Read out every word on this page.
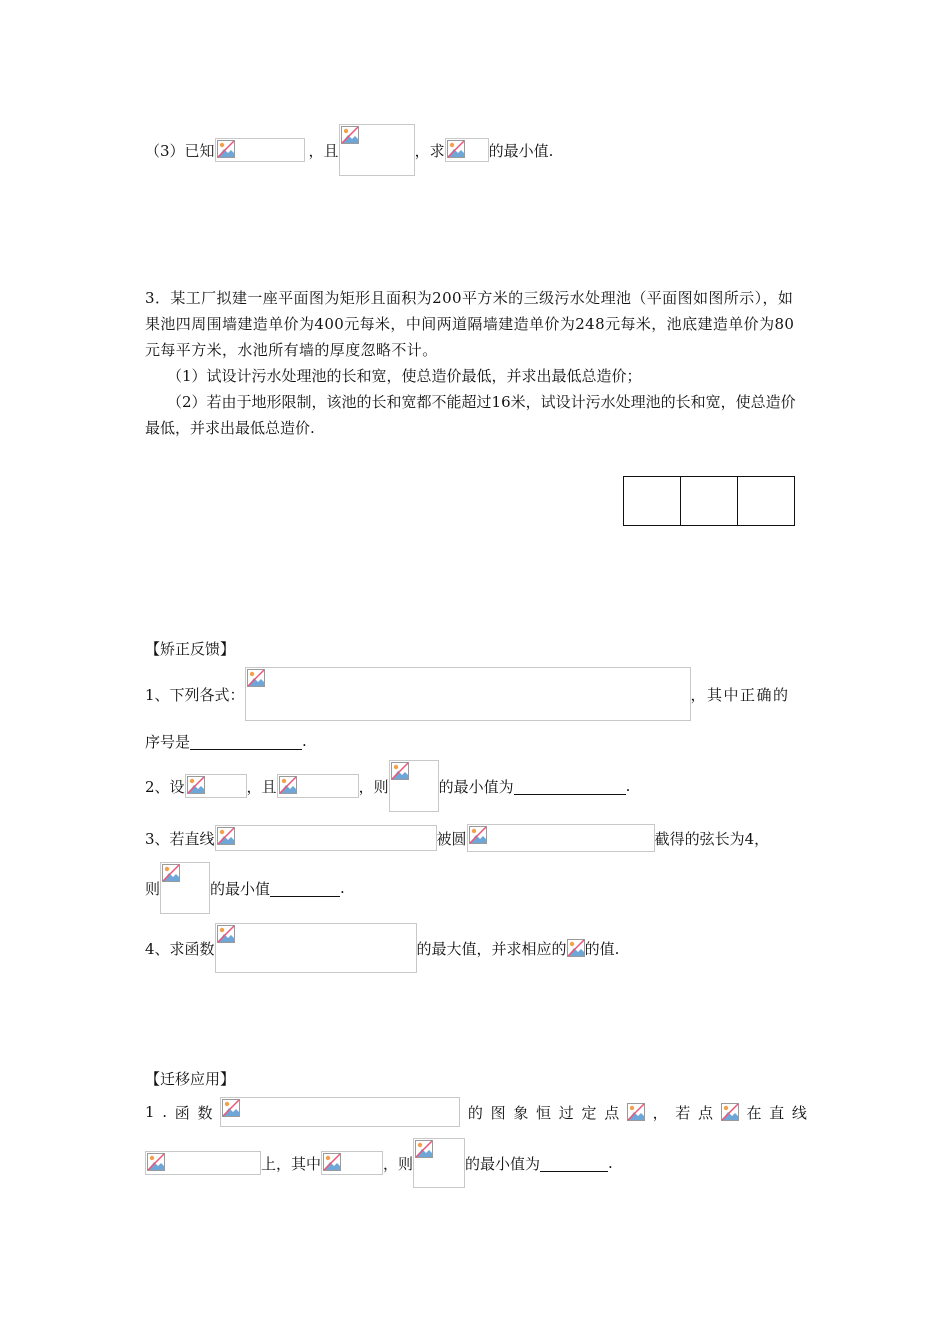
（3）已知	，且	，求	的最小值.
3．某工厂拟建一座平面图为矩形且面积为200平方米的三级污水处理池（平面图如图所示），如果池四周围墙建造单价为400元每米，中间两道隔墙建造单价为248元每米，池底建造单价为80元每平方米，水池所有墙的厚度忽略不计。
（1）试设计污水处理池的长和宽，使总造价最低，并求出最低总造价；
（2）若由于地形限制，该池的长和宽都不能超过16米，试设计污水处理池的长和宽，使总造价最低，并求出最低总造价.
【矫正反馈】
1、下列各式：	，其中正确的
序号是	.
2、设	，且	，则	的最小值为	.
3、若直线	被圆	截得的弦长为4，
则	的最小值	.
4、求函数	的最大值，并求相应的 的值.
【迁移应用】
1 . 函 数	的 图 象 恒 过 定 点 ， 若 点 在 直 线
上，其中	，则	的最小值为	.
